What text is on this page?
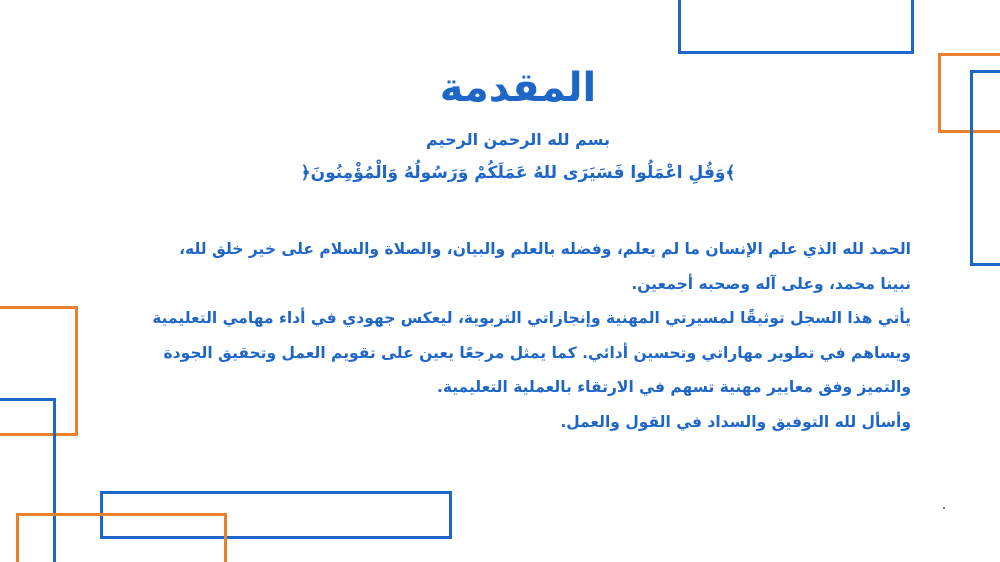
المقدمة
بسم لله الرحمن الرحيم
﴿وَقُلِ اعْمَلُوا فَسَيَرَى للهُ عَمَلَكُمْ وَرَسُولُهُ وَالْمُؤْمِنُونَ﴾
الحمد لله الذي علم الإنسان ما لم يعلم، وفضله بالعلم والبيان، والصلاة والسلام على خير خلق لله،
نبينا محمد، وعلى آله وصحبه أجمعين.
يأتي هذا السجل توثيقًا لمسيرتي المهنية وإنجازاتي التربوية، ليعكس جهودي في أداء مهامي التعليمية
ويساهم في تطوير مهاراتي وتحسين أدائي. كما يمثل مرجعًا يعين على تقويم العمل وتحقيق الجودة
والتميز وفق معايير مهنية تسهم في الارتقاء بالعملية التعليمية.
وأسأل لله التوفيق والسداد في القول والعمل.
